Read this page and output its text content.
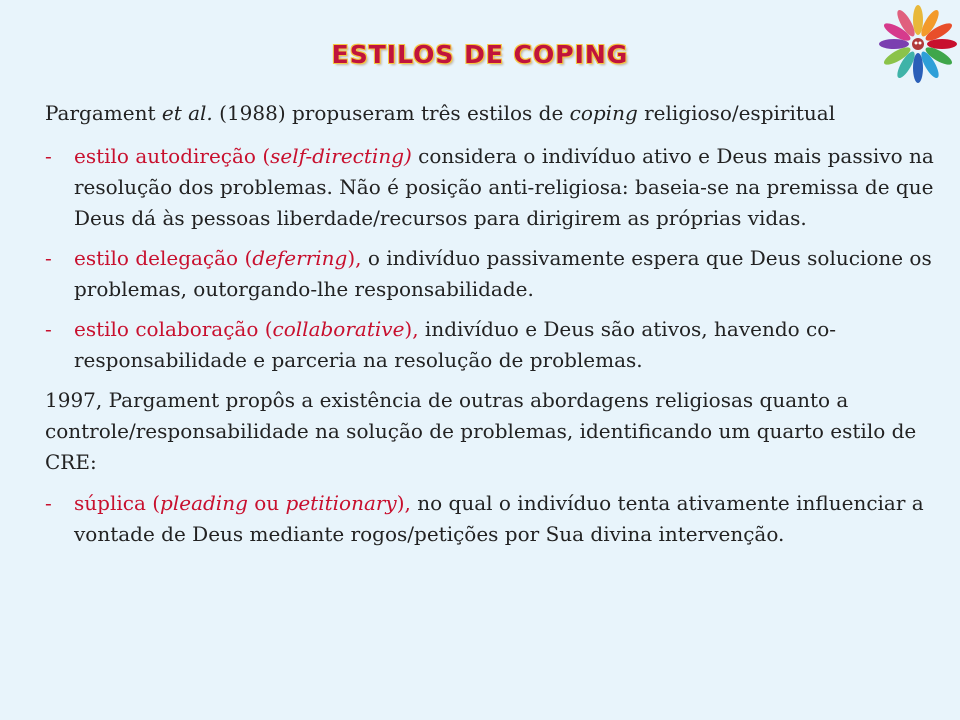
ESTILOS DE COPING

Pargament et al. (1988) propuseram três estilos de coping religioso/espiritual

- estilo autodireção (self-directing) considera o indivíduo ativo e Deus mais passivo na resolução dos problemas. Não é posição anti-religiosa: baseia-se na premissa de que Deus dá às pessoas liberdade/recursos para dirigirem as próprias vidas.
- estilo delegação (deferring), o indivíduo passivamente espera que Deus solucione os problemas, outorgando-lhe responsabilidade.
- estilo colaboração (collaborative), indivíduo e Deus são ativos, havendo co-responsabilidade e parceria na resolução de problemas.

1997, Pargament propôs a existência de outras abordagens religiosas quanto a controle/responsabilidade na solução de problemas, identificando um quarto estilo de CRE:

- súplica (pleading ou petitionary), no qual o indivíduo tenta ativamente influenciar a vontade de Deus mediante rogos/petições por Sua divina intervenção.
